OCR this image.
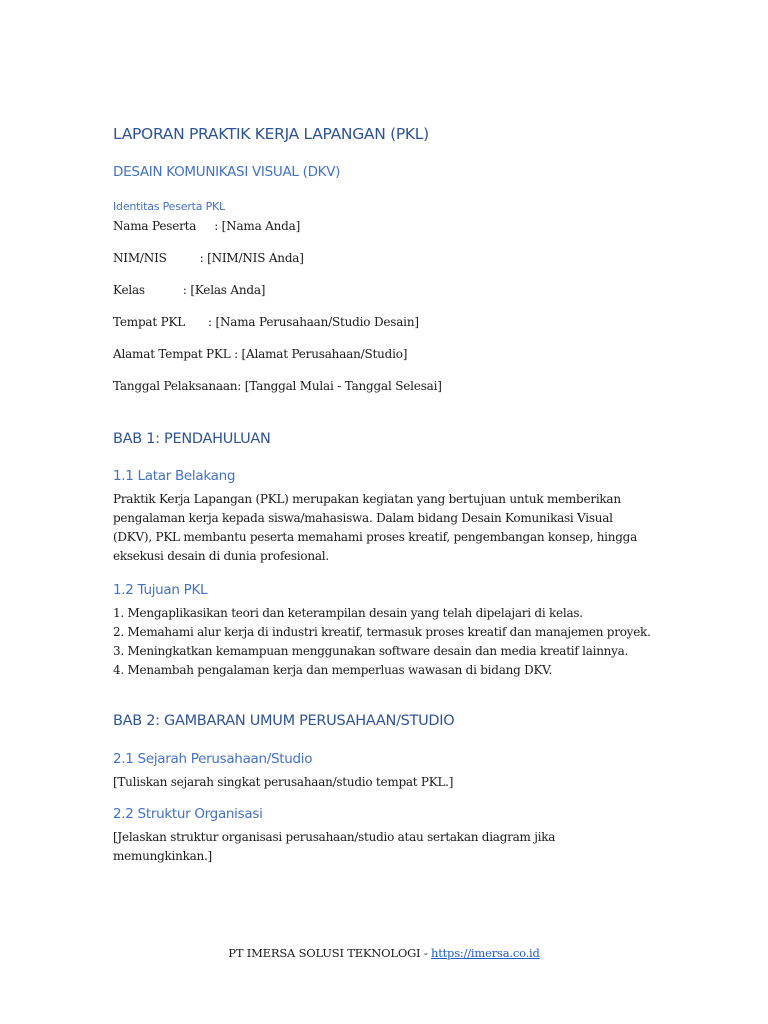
LAPORAN PRAKTIK KERJA LAPANGAN (PKL)
DESAIN KOMUNIKASI VISUAL (DKV)
Identitas Peserta PKL
Nama Peserta : [Nama Anda]
NIM/NIS	: [NIM/NIS Anda]
Kelas	: [Kelas Anda]
Tempat PKL : [Nama Perusahaan/Studio Desain]
Alamat Tempat PKL : [Alamat Perusahaan/Studio]
Tanggal Pelaksanaan: [Tanggal Mulai - Tanggal Selesai]
BAB 1: PENDAHULUAN
1.1 Latar Belakang

Praktik Kerja Lapangan (PKL) merupakan kegiatan yang bertujuan untuk memberikan

pengalaman kerja kepada siswa/mahasiswa. Dalam bidang Desain Komunikasi Visual

(DKV), PKL membantu peserta memahami proses kreatif, pengembangan konsep, hingga

eksekusi desain di dunia profesional.

1.2 Tujuan PKL

1. Mengaplikasikan teori dan keterampilan desain yang telah dipelajari di kelas.

2. Memahami alur kerja di industri kreatif, termasuk proses kreatif dan manajemen proyek.

3. Meningkatkan kemampuan menggunakan software desain dan media kreatif lainnya.

4. Menambah pengalaman kerja dan memperluas wawasan di bidang DKV.

BAB 2: GAMBARAN UMUM PERUSAHAAN/STUDIO
2.1 Sejarah Perusahaan/Studio

[Tuliskan sejarah singkat perusahaan/studio tempat PKL.]

2.2 Struktur Organisasi

[Jelaskan struktur organisasi perusahaan/studio atau sertakan diagram jika

memungkinkan.]

PT IMERSA SOLUSI TEKNOLOGI - https://imersa.co.id
